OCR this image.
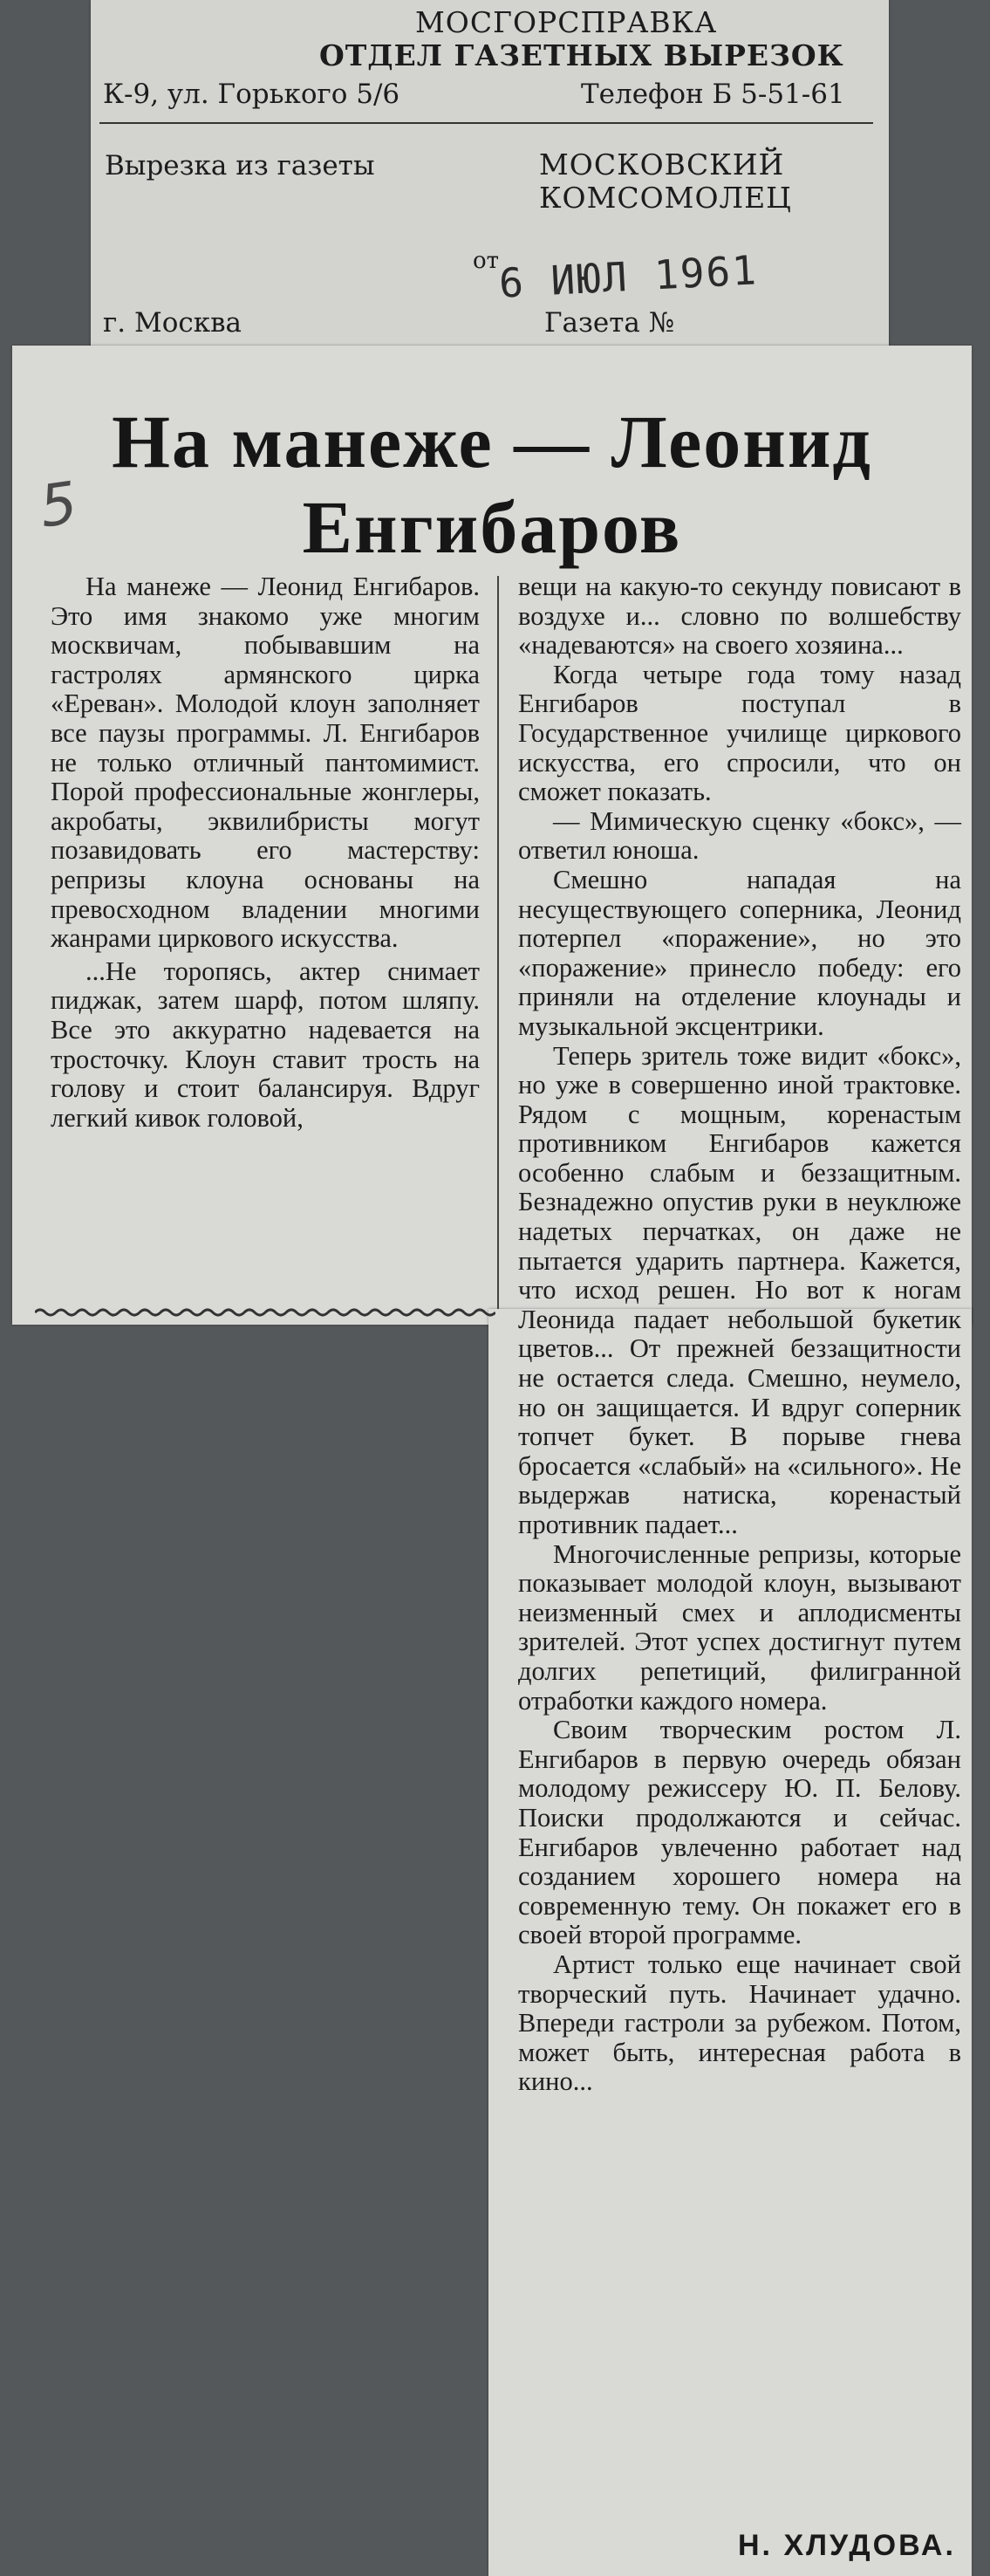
МОСГОРСПРАВКА
ОТДЕЛ ГАЗЕТНЫХ ВЫРЕЗОК
К-9, ул. Горького 5/6	Телефон Б 5-51-61
Вырезка из газеты	МОСКОВСКИЙ КОМСОМОЛЕЦ
от
6 ИЮЛ 1961
г. Москва	Газета №
5
На манеже — Леонид
Енгибаров

На манеже — Леонид Енгибаров. Это имя знакомо уже многим москвичам, побывавшим на гастролях армянского цирка «Ереван». Молодой клоун заполняет все паузы программы. Л. Енгибаров не только отличный пантомимист. Порой профессиональные жонглеры, акробаты, эквилибристы могут позавидовать его мастерству: репризы клоуна основаны на превосходном владении многими жанрами циркового искусства.

...Не торопясь, актер снимает пиджак, затем шарф, потом шляпу. Все это аккуратно надевается на тросточку. Клоун ставит трость на голову и стоит балансируя. Вдруг легкий кивок головой,

вещи на какую-то секунду повисают в воздухе и... словно по волшебству «надеваются» на своего хозяина...

Когда четыре года тому назад Енгибаров поступал в Государственное училище циркового искусства, его спросили, что он сможет показать.

— Мимическую сценку «бокс», — ответил юноша.

Смешно нападая на несуществующего соперника, Леонид потерпел «поражение», но это «поражение» принесло победу: его приняли на отделение клоунады и музыкальной эксцентрики.

Теперь зритель тоже видит «бокс», но уже в совершенно иной трактовке. Рядом с мощным, коренастым противником Енгибаров кажется особенно слабым и беззащитным. Безнадежно опустив руки в неуклюже надетых перчатках, он даже не пытается ударить партнера. Кажется, что исход решен. Но вот к ногам Леонида падает небольшой букетик цветов... От прежней беззащитности не остается следа. Смешно, неумело, но он защищается. И вдруг соперник топчет букет. В порыве гнева бросается «слабый» на «сильного». Не выдержав натиска, коренастый противник падает...

Многочисленные репризы, которые показывает молодой клоун, вызывают неизменный смех и аплодисменты зрителей. Этот успех достигнут путем долгих репетиций, филигранной отработки каждого номера.

Своим творческим ростом Л. Енгибаров в первую очередь обязан молодому режиссеру Ю. П. Белову. Поиски продолжаются и сейчас. Енгибаров увлеченно работает над созданием хорошего номера на современную тему. Он покажет его в своей второй программе.

Артист только еще начинает свой творческий путь. Начинает удачно. Впереди гастроли за рубежом. Потом, может быть, интересная работа в кино...

Н. ХЛУДОВА.
